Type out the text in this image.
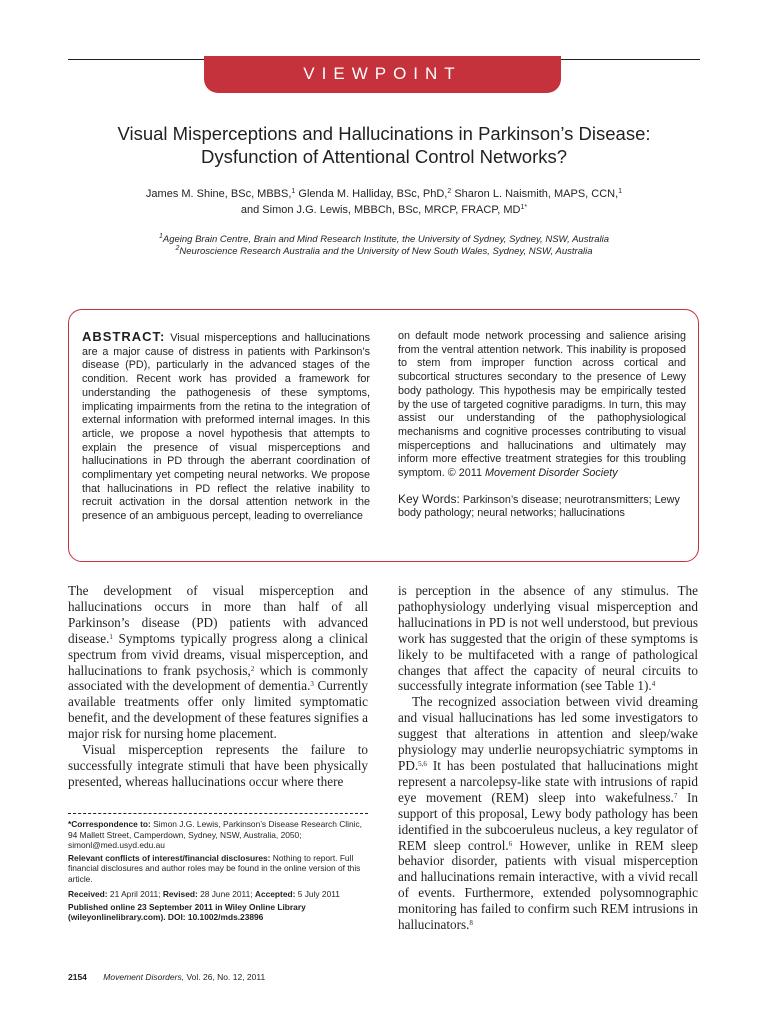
VIEWPOINT
Visual Misperceptions and Hallucinations in Parkinson’s Disease:
Dysfunction of Attentional Control Networks?
James M. Shine, BSc, MBBS,$^1$ Glenda M. Halliday, BSc, PhD,$^2$ Sharon L. Naismith, MAPS, CCN,$^1$
and Simon J.G. Lewis, MBBCh, BSc, MRCP, FRACP, $MD^{1*}$
$^1$Ageing Brain Centre, Brain and Mind Research Institute, the University of Sydney, Sydney, NSW, Australia
$^2$Neuroscience Research Australia and the University of New South Wales, Sydney, NSW, Australia
ABSTRACT: Visual misperceptions and hallucinations are a major cause of distress in patients with Parkinson’s disease (PD), particularly in the advanced stages of the condition. Recent work has provided a framework for understanding the pathogenesis of these symptoms, implicating impairments from the retina to the integration of external information with preformed internal images. In this article, we propose a novel hypothesis that attempts to explain the presence of visual misperceptions and hallucinations in PD through the aberrant coordination of complimentary yet competing neural networks. We propose that hallucinations in PD reflect the relative inability to recruit activation in the dorsal attention network in the presence of an ambiguous percept, leading to overreliance
on default mode network processing and salience arising from the ventral attention network. This inability is proposed to stem from improper function across cortical and subcortical structures secondary to the presence of Lewy body pathology. This hypothesis may be empirically tested by the use of targeted cognitive paradigms. In turn, this may assist our understanding of the pathophysiological mechanisms and cognitive processes contributing to visual misperceptions and hallucinations and ultimately may inform more effective treatment strategies for this troubling symptom. © 2011 Movement Disorder Society
Key Words: Parkinson’s disease; neurotransmitters; Lewy body pathology; neural networks; hallucinations

The development of visual misperception and hallucinations occurs in more than half of all Parkinson’s disease (PD) patients with advanced disease.$^1$ Symptoms typically progress along a clinical spectrum from vivid dreams, visual misperception, and hallucinations to frank psychosis,$^2$ which is commonly associated with the development of dementia.$^3$ Currently available treatments offer only limited symptomatic benefit, and the development of these features signifies a major risk for nursing home placement.

Visual misperception represents the failure to successfully integrate stimuli that have been physically presented, whereas hallucinations occur where there

is perception in the absence of any stimulus. The pathophysiology underlying visual misperception and hallucinations in PD is not well understood, but previous work has suggested that the origin of these symptoms is likely to be multifaceted with a range of pathological changes that affect the capacity of neural circuits to successfully integrate information (see Table 1).$^4$

The recognized association between vivid dreaming and visual hallucinations has led some investigators to suggest that alterations in attention and sleep/wake physiology may underlie neuropsychiatric symptoms in PD.$^{5,6}$ It has been postulated that hallucinations might represent a narcolepsy-like state with intrusions of rapid eye movement (REM) sleep into wakefulness.$^7$ In support of this proposal, Lewy body pathology has been identified in the subcoeruleus nucleus, a key regulator of REM sleep control.$^6$ However, unlike in REM sleep behavior disorder, patients with visual misperception and hallucinations remain interactive, with a vivid recall of events. Furthermore, extended polysomnographic monitoring has failed to confirm such REM intrusions in hallucinators.$^8$

*Correspondence to: Simon J.G. Lewis, Parkinson’s Disease Research Clinic, 94 Mallett Street, Camperdown, Sydney, NSW, Australia, 2050; simonl@med.usyd.edu.au

Relevant conflicts of interest/financial disclosures: Nothing to report. Full financial disclosures and author roles may be found in the online version of this article.

Received: 21 April 2011; Revised: 28 June 2011; Accepted: 5 July 2011

Published online 23 September 2011 in Wiley Online Library (wileyonlinelibrary.com). DOI: 10.1002/mds.23896

2154 Movement Disorders, Vol. 26, No. 12, 2011
